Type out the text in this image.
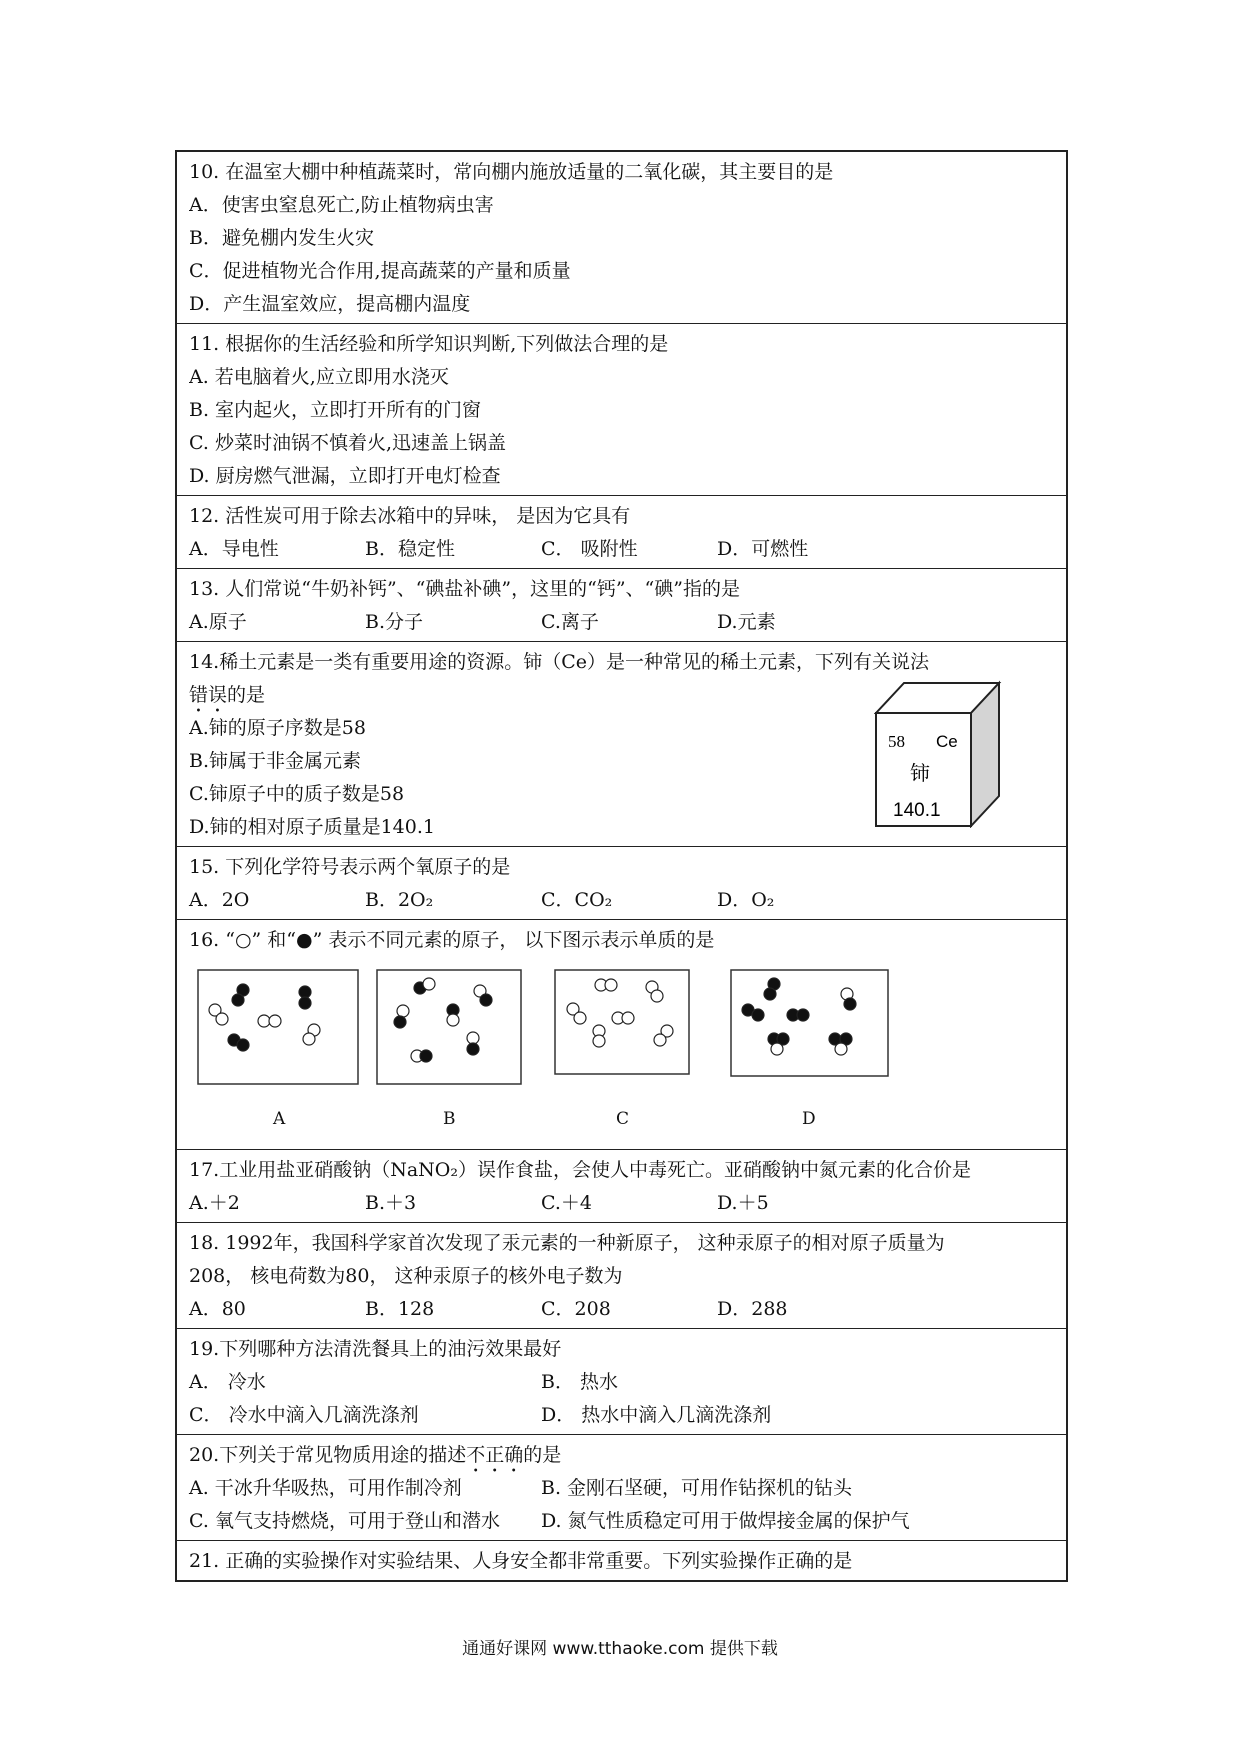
10. 在温室大棚中种植蔬菜时，常向棚内施放适量的二氧化碳，其主要目的是
A．使害虫窒息死亡,防止植物病虫害
B．避免棚内发生火灾
C．促进植物光合作用,提高蔬菜的产量和质量
D．产生温室效应，提高棚内温度
11. 根据你的生活经验和所学知识判断,下列做法合理的是
A. 若电脑着火,应立即用水浇灭
B. 室内起火，立即打开所有的门窗
C. 炒菜时油锅不慎着火,迅速盖上锅盖
D. 厨房燃气泄漏，立即打开电灯检查
12. 活性炭可用于除去冰箱中的异味， 是因为它具有
A．导电性	B．稳定性	C． 吸附性	D．可燃性
13. 人们常说“牛奶补钙”、“碘盐补碘”，这里的“钙”、“碘”指的是
A.原子	B.分子	C.离子	D.元素
14.稀土元素是一类有重要用途的资源。铈（Ce）是一种常见的稀土元素，下列有关说法
错误的是
A.铈的原子序数是58
B.铈属于非金属元素
C.铈原子中的质子数是58
D.铈的相对原子质量是140.1
58 Ce
铈
140.1
15. 下列化学符号表示两个氧原子的是
A．2O	B．2O₂	C．CO₂	D．O₂
16. “○” 和“●” 表示不同元素的原子， 以下图示表示单质的是
A	B	C	D
17.工业用盐亚硝酸钠（NaNO₂）误作食盐，会使人中毒死亡。亚硝酸钠中氮元素的化合价是
A.＋2	B.＋3	C.＋4	D.＋5
18. 1992年，我国科学家首次发现了汞元素的一种新原子， 这种汞原子的相对原子质量为
208， 核电荷数为80， 这种汞原子的核外电子数为
A．80	B．128	C．208	D．288
19.下列哪种方法清洗餐具上的油污效果最好
A． 冷水	B． 热水
C． 冷水中滴入几滴洗涤剂	D． 热水中滴入几滴洗涤剂
20.下列关于常见物质用途的描述不正确的是
A. 干冰升华吸热，可用作制冷剂	B. 金刚石坚硬，可用作钻探机的钻头
C. 氧气支持燃烧，可用于登山和潜水	D. 氮气性质稳定可用于做焊接金属的保护气
21. 正确的实验操作对实验结果、人身安全都非常重要。下列实验操作正确的是
通通好课网 www.tthaoke.com 提供下载
